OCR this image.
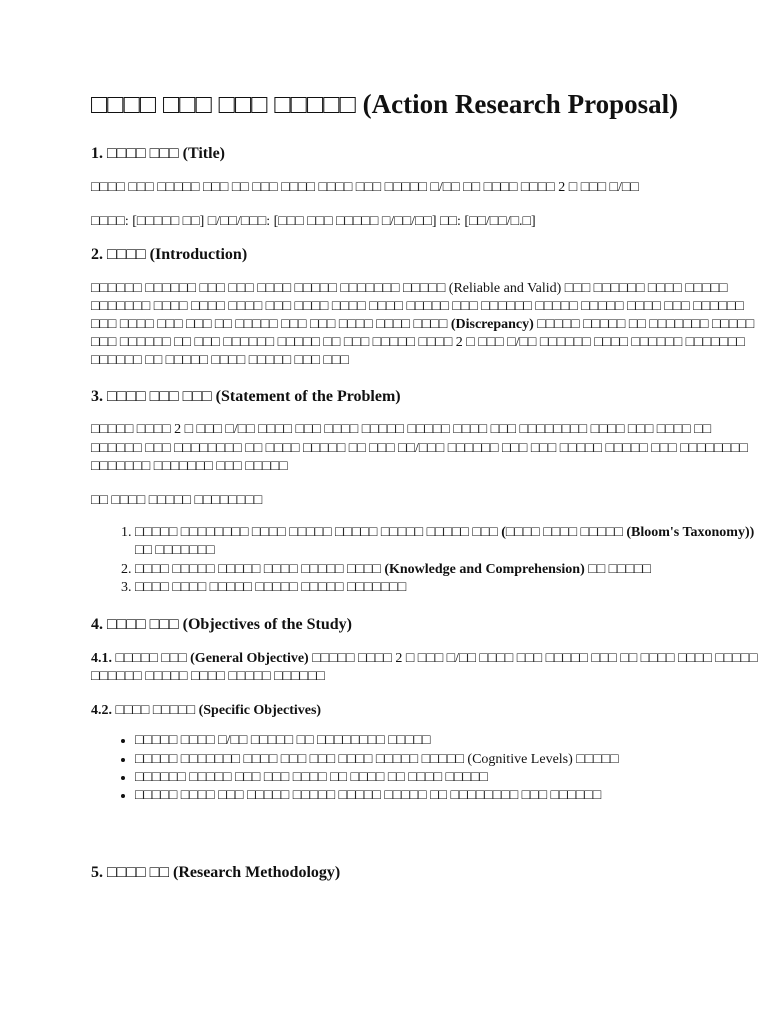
□□□□ □□□ □□□ □□□□□ (Action Research Proposal)
1. □□□□ □□□ (Title)

□□□□ □□□ □□□□□ □□□ □□ □□□ □□□□ □□□□ □□□ □□□□□ □/□□ □□ □□□□ □□□□ 2 □ □□□ □/□□

□□□□: [□□□□□ □□] □/□□/□□□: [□□□ □□□ □□□□□ □/□□/□□] □□: [□□/□□/□.□]

2. □□□□ (Introduction)

□□□□□□ □□□□□□ □□□ □□□ □□□□ □□□□□ □□□□□□□ □□□□□ (Reliable and Valid) □□□ □□□□□□ □□□□ □□□□□ □□□□□□□ □□□□ □□□□ □□□□ □□□ □□□□ □□□□ □□□□ □□□□□ □□□ □□□□□□ □□□□□ □□□□□ □□□□ □□□ □□□□□□ □□□ □□□□ □□□ □□□ □□ □□□□□ □□□ □□□ □□□□ □□□□ □□□□ (Discrepancy) □□□□□ □□□□□ □□ □□□□□□□ □□□□□ □□□ □□□□□□ □□ □□□ □□□□□□ □□□□□ □□ □□□ □□□□□ □□□□ 2 □ □□□ □/□□ □□□□□□ □□□□ □□□□□□ □□□□□□□ □□□□□□ □□ □□□□□ □□□□ □□□□□ □□□ □□□

3. □□□□ □□□ □□□ (Statement of the Problem)

□□□□□ □□□□ 2 □ □□□ □/□□ □□□□ □□□ □□□□ □□□□□ □□□□□ □□□□ □□□ □□□□□□□□ □□□□ □□□ □□□□ □□ □□□□□□ □□□ □□□□□□□□ □□ □□□□ □□□□□ □□ □□□ □□/□□□ □□□□□□ □□□ □□□ □□□□□ □□□□□ □□□ □□□□□□□□ □□□□□□□ □□□□□□□ □□□ □□□□□

□□ □□□□ □□□□□ □□□□□□□□

1. □□□□□ □□□□□□□□ □□□□ □□□□□ □□□□□ □□□□□ □□□□□ □□□ (□□□□ □□□□ □□□□□ (Bloom's Taxonomy)) □□ □□□□□□□
2. □□□□ □□□□□ □□□□□ □□□□ □□□□□ □□□□ (Knowledge and Comprehension) □□ □□□□□
3. □□□□ □□□□ □□□□□ □□□□□ □□□□□ □□□□□□□
4. □□□□ □□□ (Objectives of the Study)

4.1. □□□□□ □□□ (General Objective) □□□□□ □□□□ 2 □ □□□ □/□□ □□□□ □□□ □□□□□ □□□ □□ □□□□ □□□□ □□□□□ □□□□□□ □□□□□ □□□□ □□□□□ □□□□□□

4.2. □□□□ □□□□□ (Specific Objectives)
• □□□□□ □□□□ □/□□ □□□□□ □□ □□□□□□□□ □□□□□
• □□□□□ □□□□□□□ □□□□ □□□ □□□ □□□□ □□□□□ □□□□□ (Cognitive Levels) □□□□□
• □□□□□□ □□□□□ □□□ □□□ □□□□ □□ □□□□ □□ □□□□ □□□□□
• □□□□□ □□□□ □□□ □□□□□ □□□□□ □□□□□ □□□□□ □□ □□□□□□□□ □□□ □□□□□□
5. □□□□ □□ (Research Methodology)
